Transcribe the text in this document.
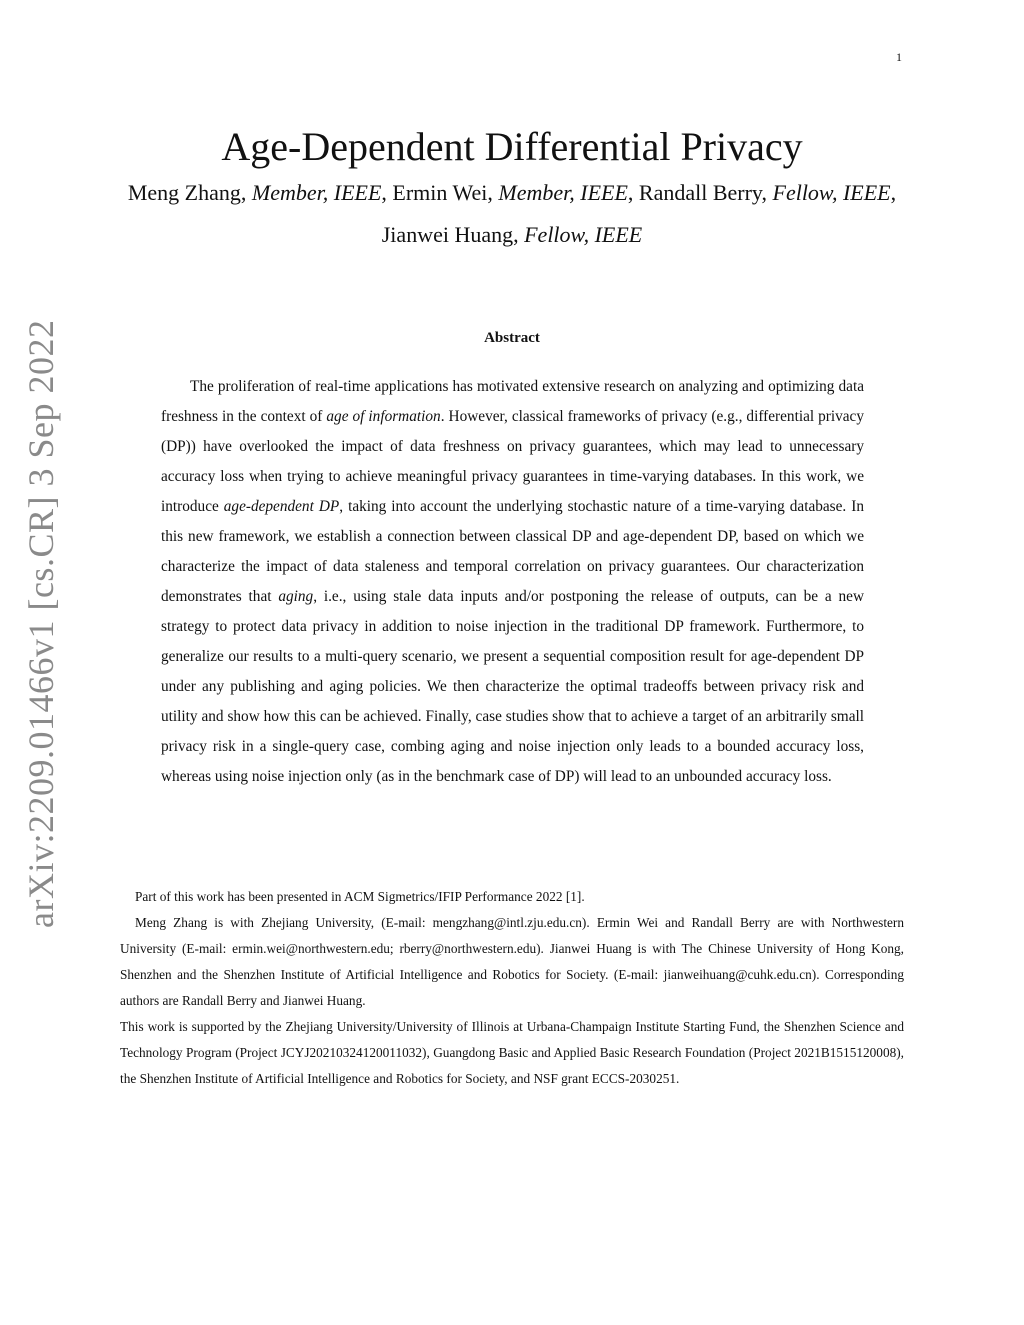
1
arXiv:2209.01466v1 [cs.CR] 3 Sep 2022
Age-Dependent Differential Privacy
Meng Zhang, Member, IEEE, Ermin Wei, Member, IEEE, Randall Berry, Fellow, IEEE, Jianwei Huang, Fellow, IEEE
Abstract

The proliferation of real-time applications has motivated extensive research on analyzing and optimizing data freshness in the context of age of information. However, classical frameworks of privacy (e.g., differential privacy (DP)) have overlooked the impact of data freshness on privacy guarantees, which may lead to unnecessary accuracy loss when trying to achieve meaningful privacy guarantees in time-varying databases. In this work, we introduce age-dependent DP, taking into account the underlying stochastic nature of a time-varying database. In this new framework, we establish a connection between classical DP and age-dependent DP, based on which we characterize the impact of data staleness and temporal correlation on privacy guarantees. Our characterization demonstrates that aging, i.e., using stale data inputs and/or postponing the release of outputs, can be a new strategy to protect data privacy in addition to noise injection in the traditional DP framework. Furthermore, to generalize our results to a multi-query scenario, we present a sequential composition result for age-dependent DP under any publishing and aging policies. We then characterize the optimal tradeoffs between privacy risk and utility and show how this can be achieved. Finally, case studies show that to achieve a target of an arbitrarily small privacy risk in a single-query case, combing aging and noise injection only leads to a bounded accuracy loss, whereas using noise injection only (as in the benchmark case of DP) will lead to an unbounded accuracy loss.

Part of this work has been presented in ACM Sigmetrics/IFIP Performance 2022 [1].

Meng Zhang is with Zhejiang University, (E-mail: mengzhang@intl.zju.edu.cn). Ermin Wei and Randall Berry are with Northwestern University (E-mail: ermin.wei@northwestern.edu; rberry@northwestern.edu). Jianwei Huang is with The Chinese University of Hong Kong, Shenzhen and the Shenzhen Institute of Artificial Intelligence and Robotics for Society. (E-mail: jianweihuang@cuhk.edu.cn). Corresponding authors are Randall Berry and Jianwei Huang.

This work is supported by the Zhejiang University/University of Illinois at Urbana-Champaign Institute Starting Fund, the Shenzhen Science and Technology Program (Project JCYJ20210324120011032), Guangdong Basic and Applied Basic Research Foundation (Project 2021B1515120008), the Shenzhen Institute of Artificial Intelligence and Robotics for Society, and NSF grant ECCS-2030251.
